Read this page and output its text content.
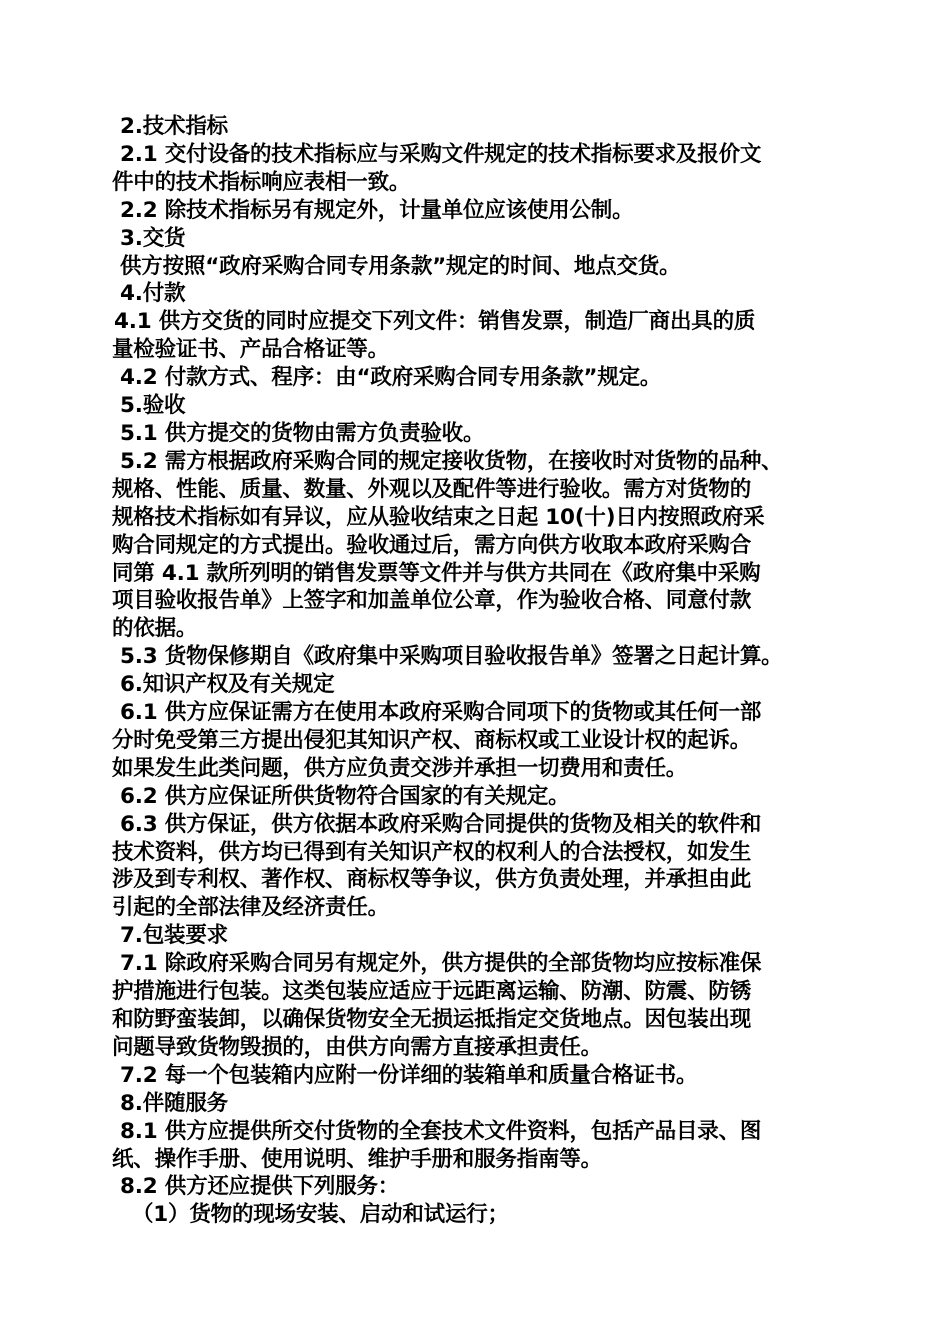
2.技术指标
2.1 交付设备的技术指标应与采购文件规定的技术指标要求及报价文
件中的技术指标响应表相一致。
2.2 除技术指标另有规定外，计量单位应该使用公制。
3.交货
供方按照“政府采购合同专用条款”规定的时间、地点交货。
4.付款
4.1 供方交货的同时应提交下列文件：销售发票，制造厂商出具的质
量检验证书、产品合格证等。
4.2 付款方式、程序：由“政府采购合同专用条款”规定。
5.验收
5.1 供方提交的货物由需方负责验收。
5.2 需方根据政府采购合同的规定接收货物，在接收时对货物的品种、
规格、性能、质量、数量、外观以及配件等进行验收。需方对货物的
规格技术指标如有异议，应从验收结束之日起 10(十)日内按照政府采
购合同规定的方式提出。验收通过后，需方向供方收取本政府采购合
同第 4.1 款所列明的销售发票等文件并与供方共同在《政府集中采购
项目验收报告单》上签字和加盖单位公章，作为验收合格、同意付款
的依据。
5.3 货物保修期自《政府集中采购项目验收报告单》签署之日起计算。
6.知识产权及有关规定
6.1 供方应保证需方在使用本政府采购合同项下的货物或其任何一部
分时免受第三方提出侵犯其知识产权、商标权或工业设计权的起诉。
如果发生此类问题，供方应负责交涉并承担一切费用和责任。
6.2 供方应保证所供货物符合国家的有关规定。
6.3 供方保证，供方依据本政府采购合同提供的货物及相关的软件和
技术资料，供方均已得到有关知识产权的权利人的合法授权，如发生
涉及到专利权、著作权、商标权等争议，供方负责处理，并承担由此
引起的全部法律及经济责任。
7.包装要求
7.1 除政府采购合同另有规定外，供方提供的全部货物均应按标准保
护措施进行包装。这类包装应适应于远距离运输、防潮、防震、防锈
和防野蛮装卸，以确保货物安全无损运抵指定交货地点。因包装出现
问题导致货物毁损的，由供方向需方直接承担责任。
7.2 每一个包装箱内应附一份详细的装箱单和质量合格证书。
8.伴随服务
8.1 供方应提供所交付货物的全套技术文件资料，包括产品目录、图
纸、操作手册、使用说明、维护手册和服务指南等。
8.2 供方还应提供下列服务：
（1）货物的现场安装、启动和试运行；
